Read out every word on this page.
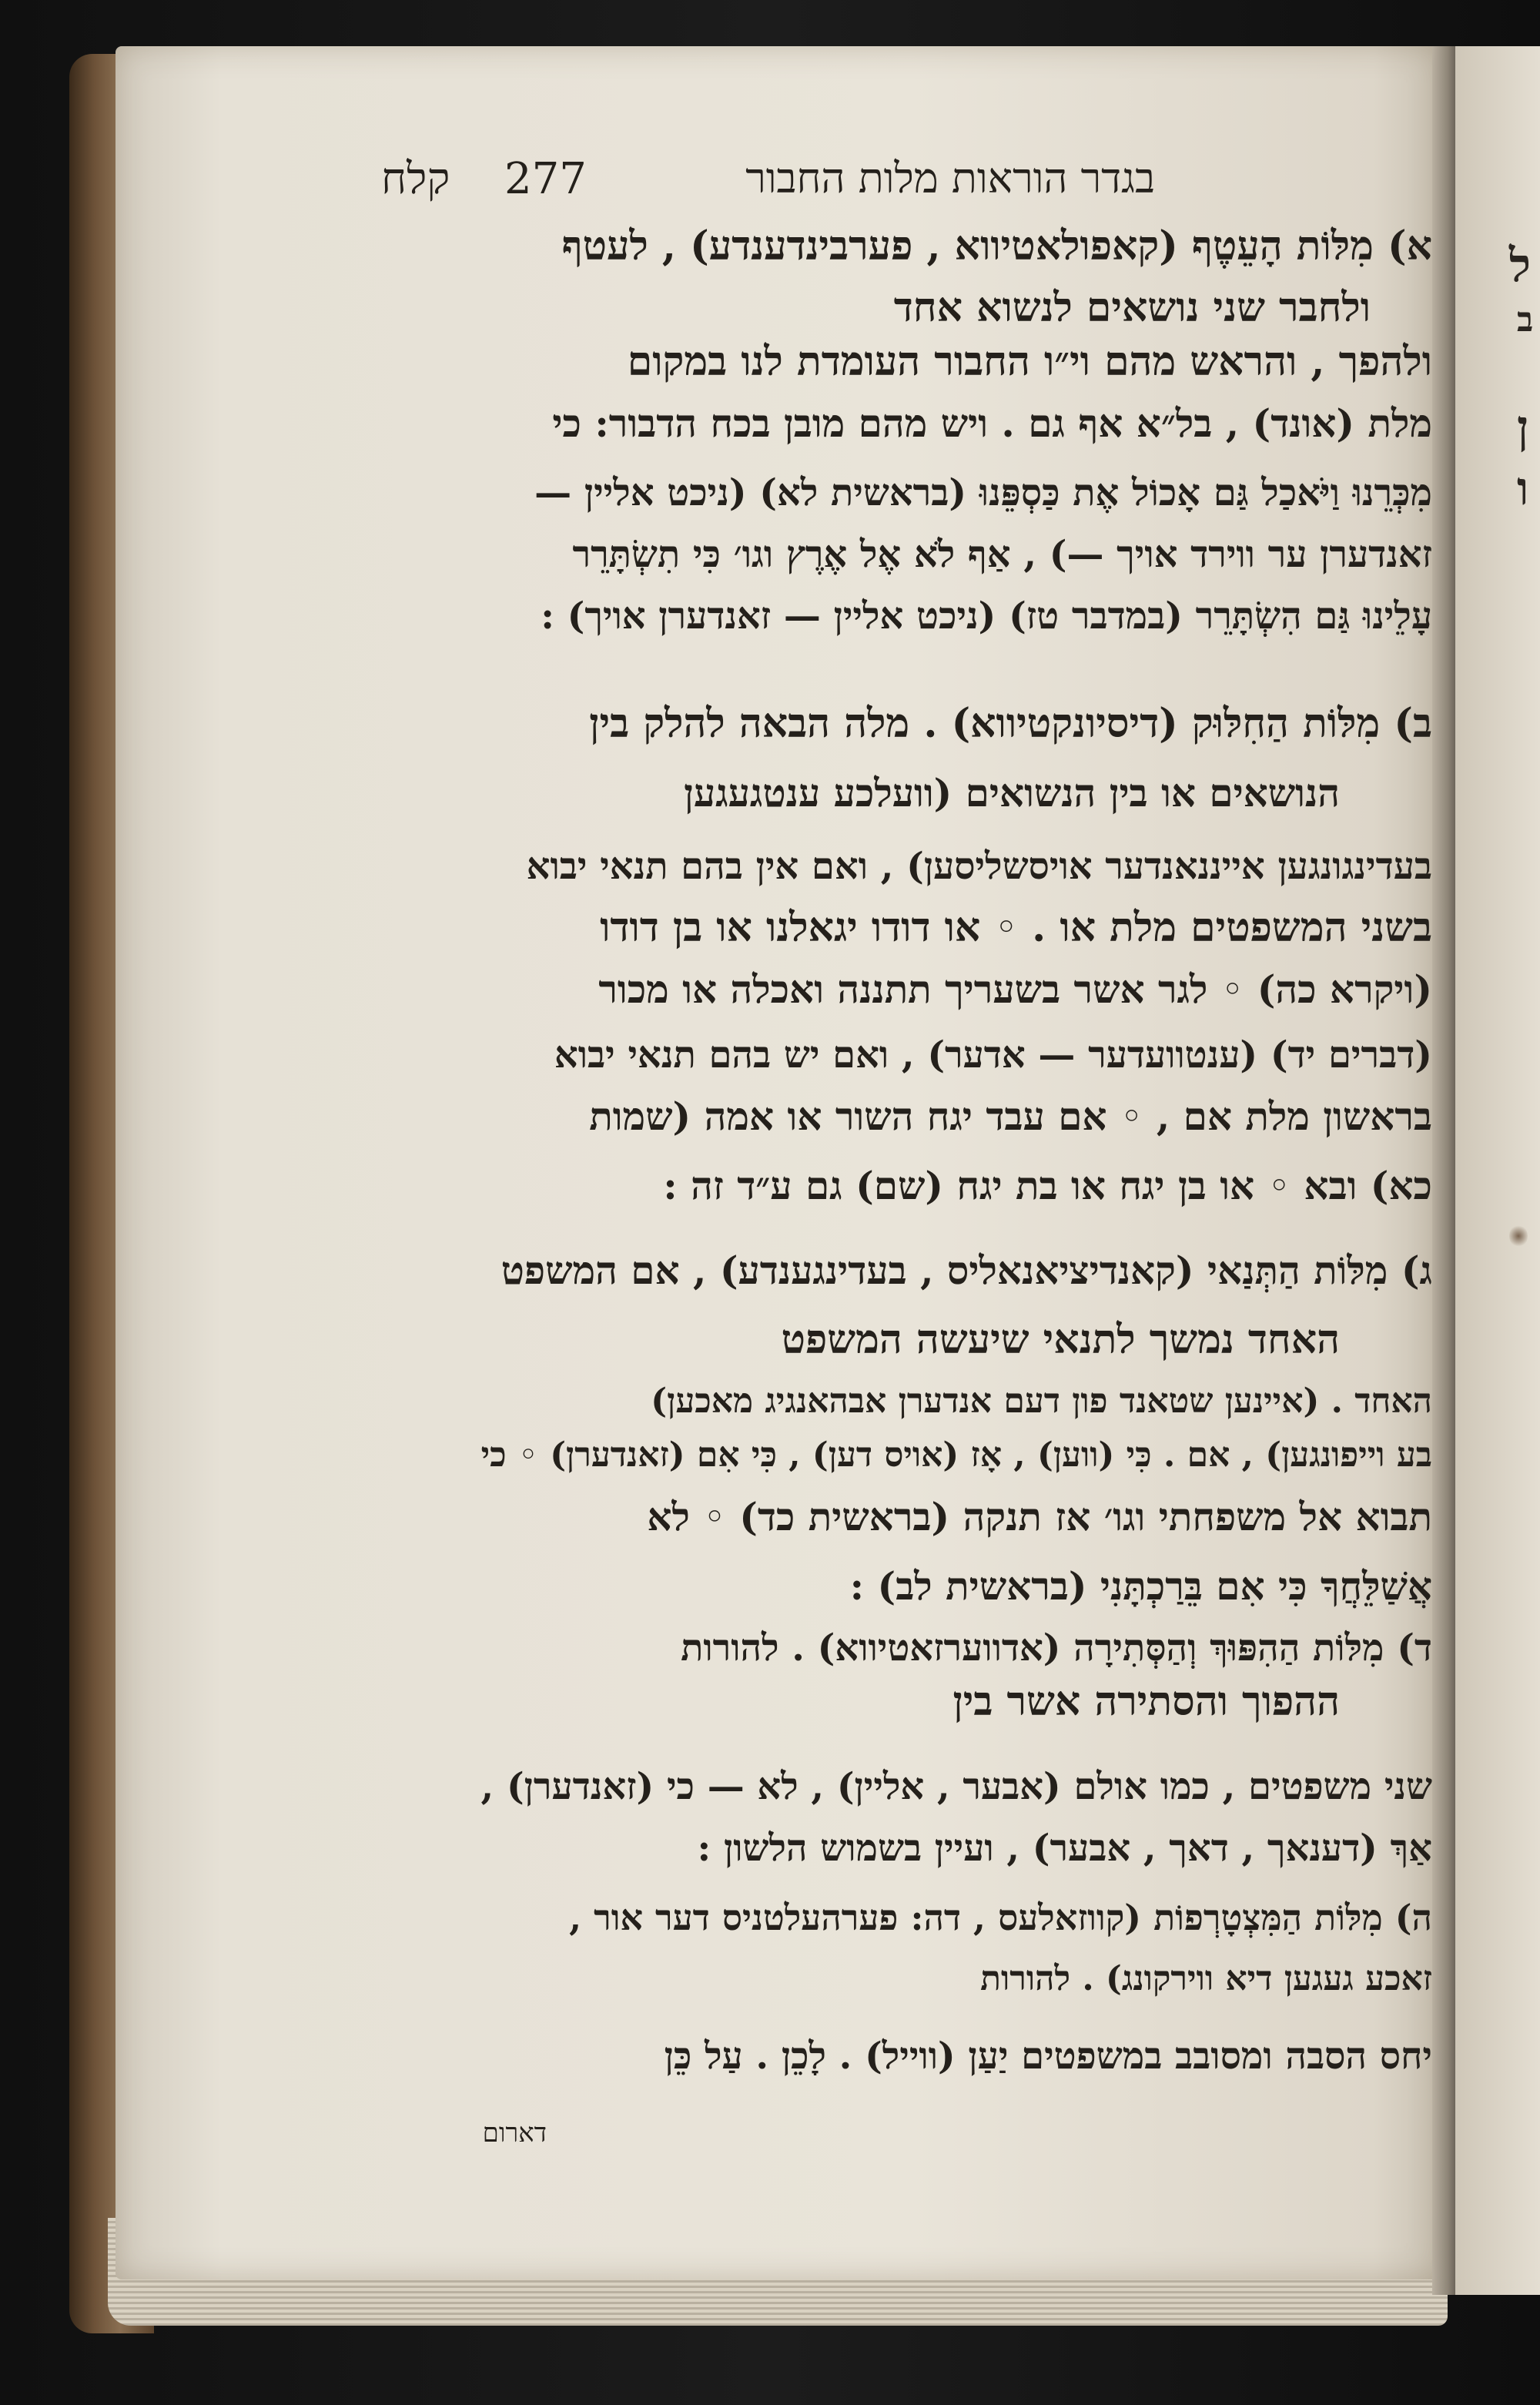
ל
ב
ן
ו
בגדר הוראות מלות החבור
277
קלח
א) מִלּוֹת הָעֵטֶף (קאפולאטיווא , פערבינדענדע) , לעטף
ולחבר שני נושאים לנשוא אחד
ולהפך , והראש מהם וי״ו החבור העומדת לנו במקום
מלת (אונד) , בל״א אף גם . ויש מהם מובן בכח הדבור: כי
מִכְּרֵנוּ וַיֹּאכַל גַּם אָכוֹל אֶת כַּסְפֵּנוּ (בראשית לא) (ניכט אליין —
זאנדערן ער ווירד אויך —) , אַף לֹא אֶל אֶרֶץ וגו׳ כִּי תִשְׂתָּרֵר
עָלֵינוּ גַּם הִשְׂתָּרֵר (במדבר טז) (ניכט אליין — זאנדערן אויך) :
ב) מִלּוֹת הַחִלּוּק (דיסיונקטיווא) . מלה הבאה להלק בין
הנושאים או בין הנשואים (וועלכע ענטגעגען
בעדינגונגען אייננאנדער אויסשליסען) , ואם אין בהם תנאי יבוא
בשני המשפטים מלת או . ◦ או דודו יגאלנו או בן דודו
(ויקרא כה) ◦ לגר אשר בשעריך תתננה ואכלה או מכור
(דברים יד) (ענטוועדער — אדער) , ואם יש בהם תנאי יבוא
בראשון מלת אם , ◦ אם עבד יגח השור או אמה (שמות
כא) ובא ◦ או בן יגח או בת יגח (שם) גם ע״ד זה :
ג) מִלּוֹת הַתְּנַאי (קאנדיציאנאליס , בעדינגענדע) , אם המשפט
האחד נמשך לתנאי שיעשה המשפט
האחד . (איינען שטאנד פון דעם אנדערן אבהאנגיג מאכען)
בע וייפונגען) , אם . כִּי (ווען) , אָז (אויס דען) , כִּי אִם (זאנדערן) ◦ כי
תבוא אל משפחתי וגו׳ אז תנקה (בראשית כד) ◦ לא
אֲשַׁלֵּחֲךָ כִּי אִם בֵּרַכְתָּנִי (בראשית לב) :
ד) מִלּוֹת הַהִפּוּךְ וְהַסְּתִירָה (אדווערזאטיווא) . להורות
ההפוך והסתירה אשר בין
שני משפטים , כמו אולם (אבער , אליין) , לא — כי (זאנדערן) ,
אַךְ (דענאך , דאך , אבער) , ועיין בשמוש הלשון :
ה) מִלּוֹת הַמִּצְטָרְפוֹת (קווזאלעס , דה: פערהעלטניס דער אור ,
זאכע געגען דיא ווירקונג) . להורות
יחס הסבה ומסובב במשפטים יַעַן (ווייל) . לָכֵן . עַל כֵּן
דארום
